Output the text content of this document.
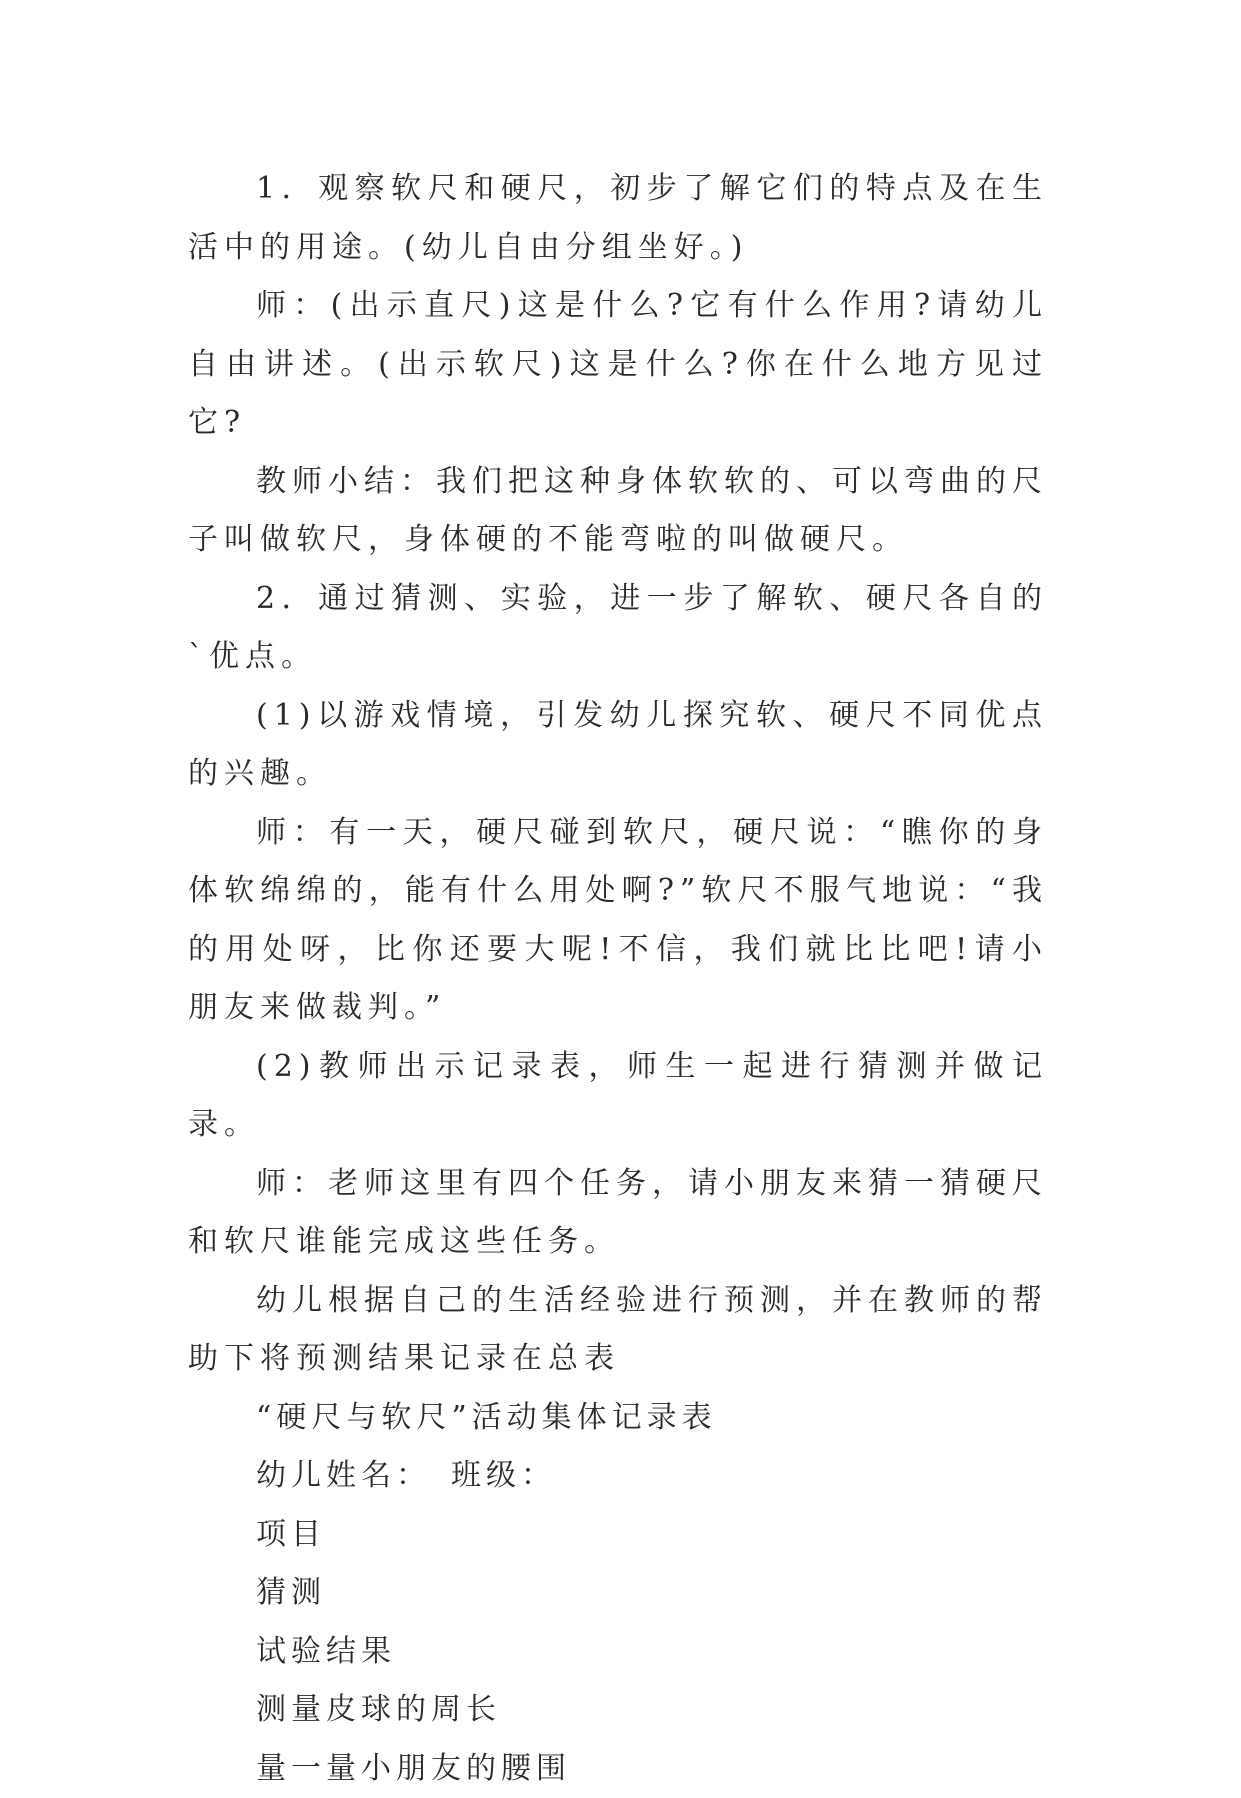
1．观察软尺和硬尺，初步了解它们的特点及在生活中的用途。(幼儿自由分组坐好。)

师：(出示直尺)这是什么?它有什么作用?请幼儿自由讲述。(出示软尺)这是什么?你在什么地方见过它?

教师小结：我们把这种身体软软的、可以弯曲的尺子叫做软尺，身体硬的不能弯啦的叫做硬尺。

2．通过猜测、实验，进一步了解软、硬尺各自的`优点。

(1)以游戏情境，引发幼儿探究软、硬尺不同优点的兴趣。

师：有一天，硬尺碰到软尺，硬尺说：“瞧你的身体软绵绵的，能有什么用处啊?”软尺不服气地说：“我的用处呀，比你还要大呢!不信，我们就比比吧!请小朋友来做裁判。”

(2)教师出示记录表，师生一起进行猜测并做记录。

师：老师这里有四个任务，请小朋友来猜一猜硬尺和软尺谁能完成这些任务。

幼儿根据自己的生活经验进行预测，并在教师的帮助下将预测结果记录在总表

“硬尺与软尺”活动集体记录表

幼儿姓名：　班级：

项目

猜测

试验结果

测量皮球的周长

量一量小朋友的腰围
